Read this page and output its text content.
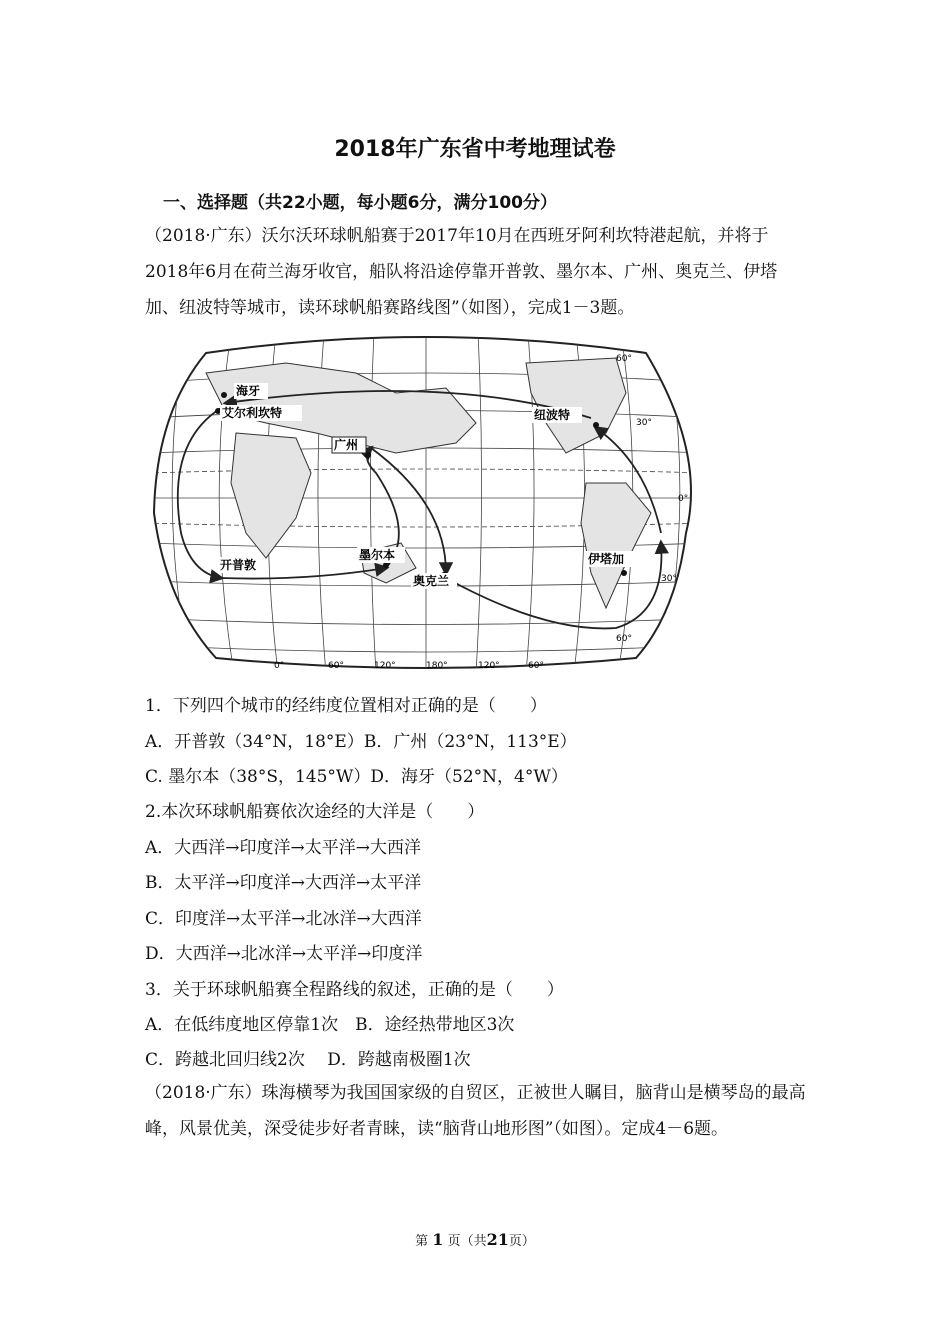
2018年广东省中考地理试卷
一、选择题（共22小题，每小题6分，满分100分）
（2018·广东）沃尔沃环球帆船赛于2017年10月在西班牙阿利坎特港起航，并将于2018年6月在荷兰海牙收官，船队将沿途停靠开普敦、墨尔本、广州、奥克兰、伊塔加、纽波特等城市，读环球帆船赛路线图”（如图），完成1－3题。
海牙
艾尔利坎特
广州
纽波特
开普敦
墨尔本
奥克兰
伊塔加
60°
30°
0°
30°
60°
0°	60°	120°	180°	120°	60°
1．下列四个城市的经纬度位置相对正确的是（　　）
A．开普敦（34°N，18°E）B．广州（23°N，113°E）
C. 墨尔本（38°S，145°W）D．海牙（52°N，4°W）
2.本次环球帆船赛依次途经的大洋是（　　）
A．大西洋→印度洋→太平洋→大西洋
B．太平洋→印度洋→大西洋→太平洋
C．印度洋→太平洋→北冰洋→大西洋
D．大西洋→北冰洋→太平洋→印度洋
3．关于环球帆船赛全程路线的叙述，正确的是（　　）
A．在低纬度地区停靠1次　B．途经热带地区3次
C．跨越北回归线2次　 D．跨越南极圈1次
（2018·广东）珠海横琴为我国国家级的自贸区，正被世人瞩目，脑背山是横琴岛的最高峰，风景优美，深受徒步好者青睐，读“脑背山地形图”（如图）。定成4－6题。
第 1 页（共21页）
